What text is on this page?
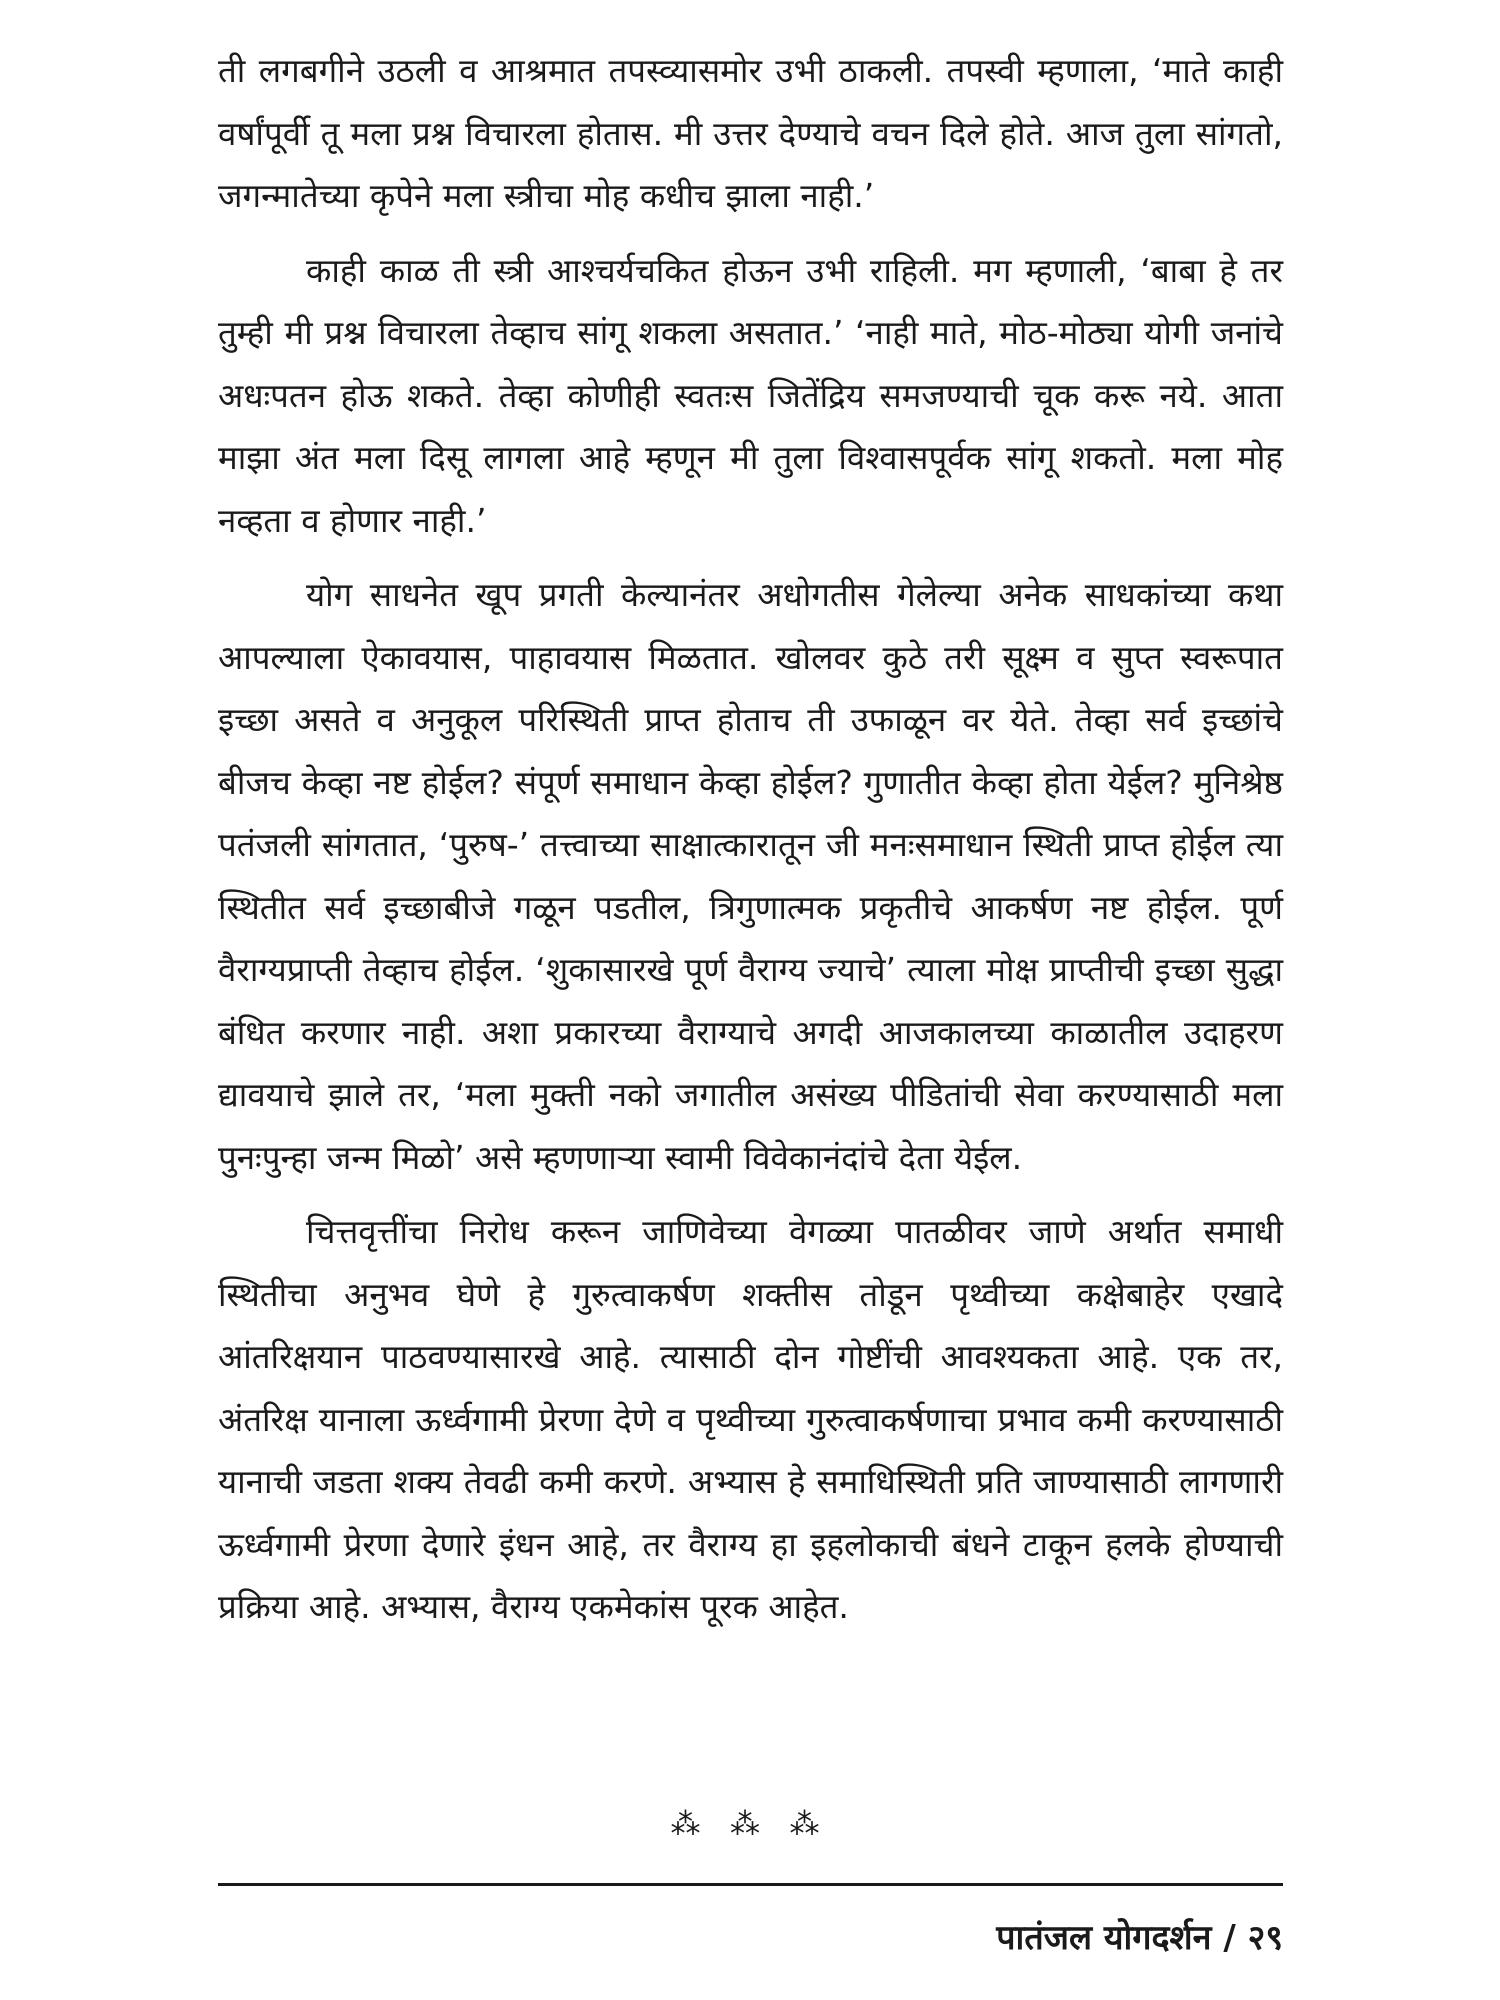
ती लगबगीने उठली व आश्रमात तपस्व्यासमोर उभी ठाकली. तपस्वी म्हणाला, ‘माते काही वर्षांपूर्वी तू मला प्रश्न विचारला होतास. मी उत्तर देण्याचे वचन दिले होते. आज तुला सांगतो, जगन्मातेच्या कृपेने मला स्त्रीचा मोह कधीच झाला नाही.’

काही काळ ती स्त्री आश्चर्यचकित होऊन उभी राहिली. मग म्हणाली, ‘बाबा हे तर तुम्ही मी प्रश्न विचारला तेव्हाच सांगू शकला असतात.’ ‘नाही माते, मोठ-मोठ्या योगी जनांचे अधःपतन होऊ शकते. तेव्हा कोणीही स्वतःस जितेंद्रिय समजण्याची चूक करू नये. आता माझा अंत मला दिसू लागला आहे म्हणून मी तुला विश्वासपूर्वक सांगू शकतो. मला मोह नव्हता व होणार नाही.’

योग साधनेत खूप प्रगती केल्यानंतर अधोगतीस गेलेल्या अनेक साधकांच्या कथा आपल्याला ऐकावयास, पाहावयास मिळतात. खोलवर कुठे तरी सूक्ष्म व सुप्त स्वरूपात इच्छा असते व अनुकूल परिस्थिती प्राप्त होताच ती उफाळून वर येते. तेव्हा सर्व इच्छांचे बीजच केव्हा नष्ट होईल? संपूर्ण समाधान केव्हा होईल? गुणातीत केव्हा होता येईल? मुनिश्रेष्ठ पतंजली सांगतात, ‘पुरुष-’ तत्त्वाच्या साक्षात्कारातून जी मनःसमाधान स्थिती प्राप्त होईल त्या स्थितीत सर्व इच्छाबीजे गळून पडतील, त्रिगुणात्मक प्रकृतीचे आकर्षण नष्ट होईल. पूर्ण वैराग्यप्राप्ती तेव्हाच होईल. ‘शुकासारखे पूर्ण वैराग्य ज्याचे’ त्याला मोक्ष प्राप्तीची इच्छा सुद्धा बंधित करणार नाही. अशा प्रकारच्या वैराग्याचे अगदी आजकालच्या काळातील उदाहरण द्यावयाचे झाले तर, ‘मला मुक्ती नको जगातील असंख्य पीडितांची सेवा करण्यासाठी मला पुनःपुन्हा जन्म मिळो’ असे म्हणणाऱ्या स्वामी विवेकानंदांचे देता येईल.

चित्तवृत्तींचा निरोध करून जाणिवेच्या वेगळ्या पातळीवर जाणे अर्थात समाधी स्थितीचा अनुभव घेणे हे गुरुत्वाकर्षण शक्तीस तोडून पृथ्वीच्या कक्षेबाहेर एखादे आंतरिक्षयान पाठवण्यासारखे आहे. त्यासाठी दोन गोष्टींची आवश्यकता आहे. एक तर, अंतरिक्ष यानाला ऊर्ध्वगामी प्रेरणा देणे व पृथ्वीच्या गुरुत्वाकर्षणाचा प्रभाव कमी करण्यासाठी यानाची जडता शक्य तेवढी कमी करणे. अभ्यास हे समाधिस्थिती प्रति जाण्यासाठी लागणारी ऊर्ध्वगामी प्रेरणा देणारे इंधन आहे, तर वैराग्य हा इहलोकाची बंधने टाकून हलके होण्याची प्रक्रिया आहे. अभ्यास, वैराग्य एकमेकांस पूरक आहेत.

⁂ ⁂ ⁂
पातंजल योगदर्शन / २९
